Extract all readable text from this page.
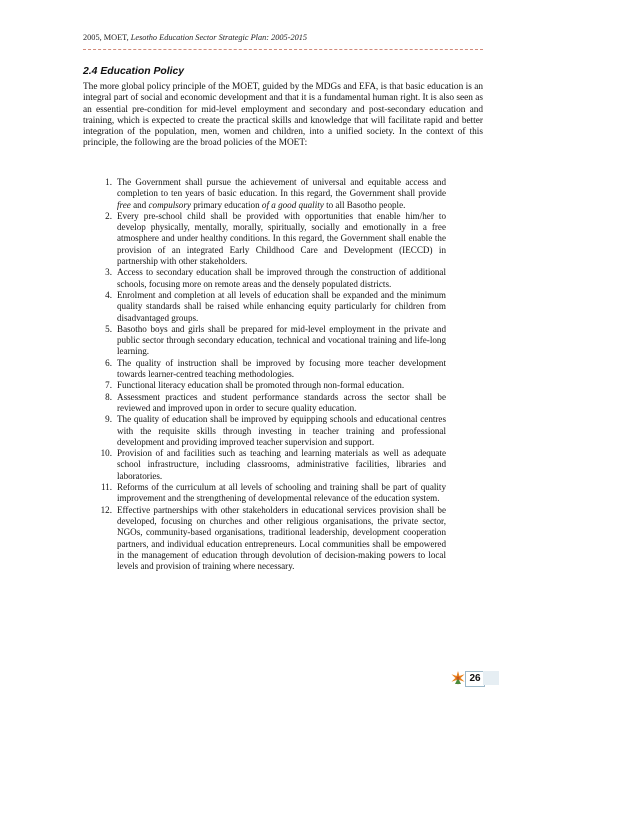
2005, MOET, Lesotho Education Sector Strategic Plan: 2005-2015
2.4 Education Policy

The more global policy principle of the MOET, guided by the MDGs and EFA, is that basic education is an integral part of social and economic development and that it is a fundamental human right. It is also seen as an essential pre-condition for mid-level employment and secondary and post-secondary education and training, which is expected to create the practical skills and knowledge that will facilitate rapid and better integration of the population, men, women and children, into a unified society. In the context of this principle, the following are the broad policies of the MOET:

1. The Government shall pursue the achievement of universal and equitable access and completion to ten years of basic education. In this regard, the Government shall provide free and compulsory primary education of a good quality to all Basotho people.
2. Every pre-school child shall be provided with opportunities that enable him/her to develop physically, mentally, morally, spiritually, socially and emotionally in a free atmosphere and under healthy conditions. In this regard, the Government shall enable the provision of an integrated Early Childhood Care and Development (IECCD) in partnership with other stakeholders.
3. Access to secondary education shall be improved through the construction of additional schools, focusing more on remote areas and the densely populated districts.
4. Enrolment and completion at all levels of education shall be expanded and the minimum quality standards shall be raised while enhancing equity particularly for children from disadvantaged groups.
5. Basotho boys and girls shall be prepared for mid-level employment in the private and public sector through secondary education, technical and vocational training and life-long learning.
6. The quality of instruction shall be improved by focusing more teacher development towards learner-centred teaching methodologies.
7. Functional literacy education shall be promoted through non-formal education.
8. Assessment practices and student performance standards across the sector shall be reviewed and improved upon in order to secure quality education.
9. The quality of education shall be improved by equipping schools and educational centres with the requisite skills through investing in teacher training and professional development and providing improved teacher supervision and support.
10. Provision of and facilities such as teaching and learning materials as well as adequate school infrastructure, including classrooms, administrative facilities, libraries and laboratories.
11. Reforms of the curriculum at all levels of schooling and training shall be part of quality improvement and the strengthening of developmental relevance of the education system.
12. Effective partnerships with other stakeholders in educational services provision shall be developed, focusing on churches and other religious organisations, the private sector, NGOs, community-based organisations, traditional leadership, development cooperation partners, and individual education entrepreneurs. Local communities shall be empowered in the management of education through devolution of decision-making powers to local levels and provision of training where necessary.
26
